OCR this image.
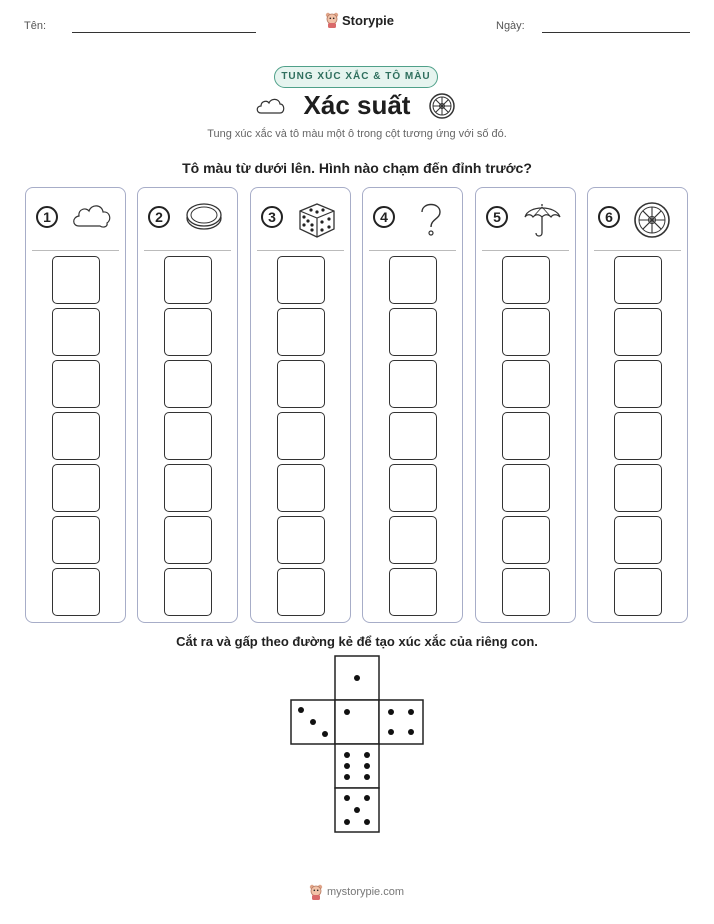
Tên:	Storypie	Ngày:
TUNG XÚC XẮC & TÔ MÀU
Xác suất
Tung xúc xắc và tô màu một ô trong cột tương ứng với số đó.
Tô màu từ dưới lên. Hình nào chạm đến đỉnh trước?
1	2	3	4	5	6
Cắt ra và gấp theo đường kẻ để tạo xúc xắc của riêng con.
mystorypie.com
